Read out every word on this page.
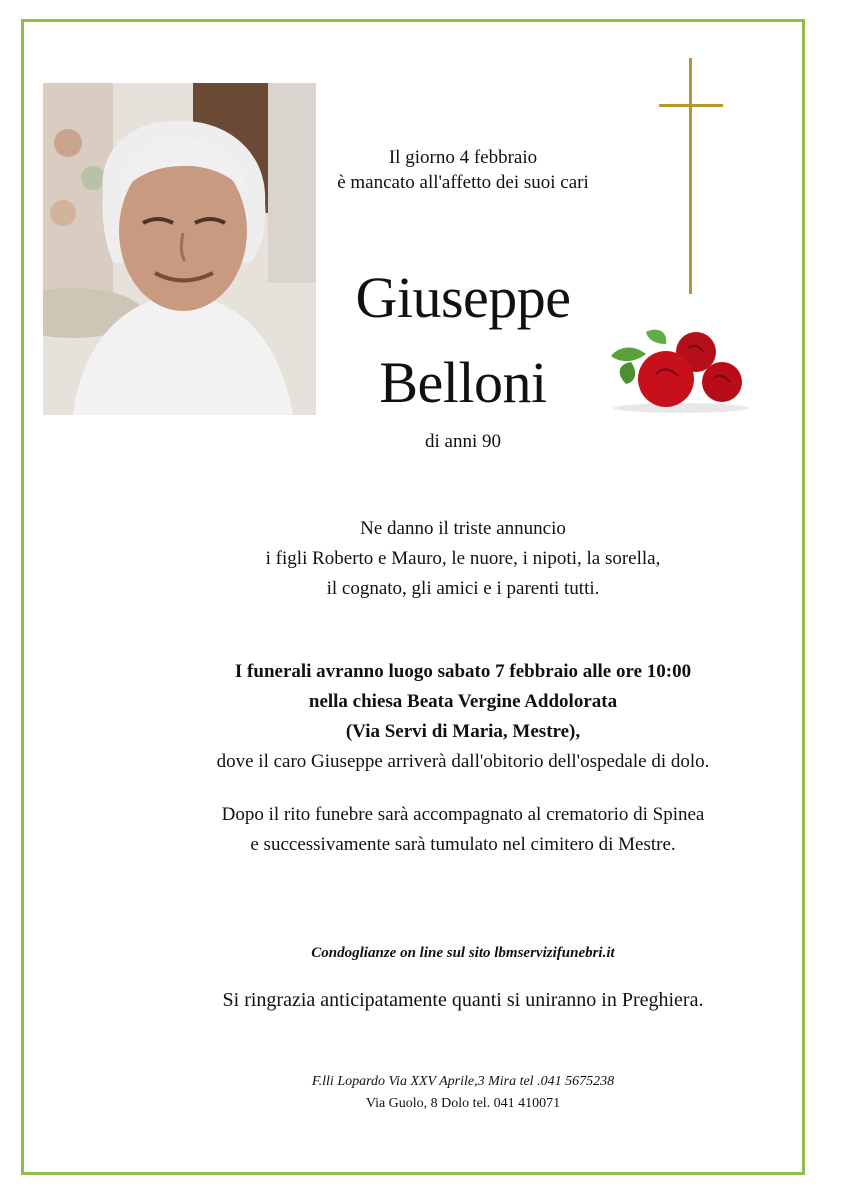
Il giorno 4 febbraio
è mancato all'affetto dei suoi cari
Giuseppe
Belloni
di anni 90
Ne danno il triste annuncio
i figli Roberto e Mauro, le nuore, i nipoti, la sorella,
il cognato, gli amici e i parenti tutti.
I funerali avranno luogo sabato 7 febbraio alle ore 10:00
nella chiesa Beata Vergine Addolorata
(Via Servi di Maria, Mestre),
dove il caro Giuseppe arriverà dall'obitorio dell'ospedale di dolo.
Dopo il rito funebre sarà accompagnato al crematorio di Spinea
e successivamente sarà tumulato nel cimitero di Mestre.
Condoglianze on line sul sito lbmservizifunebri.it
Si ringrazia anticipatamente quanti si uniranno in Preghiera.
F.lli Lopardo Via XXV Aprile,3 Mira tel .041 5675238
Via Guolo, 8 Dolo tel. 041 410071
